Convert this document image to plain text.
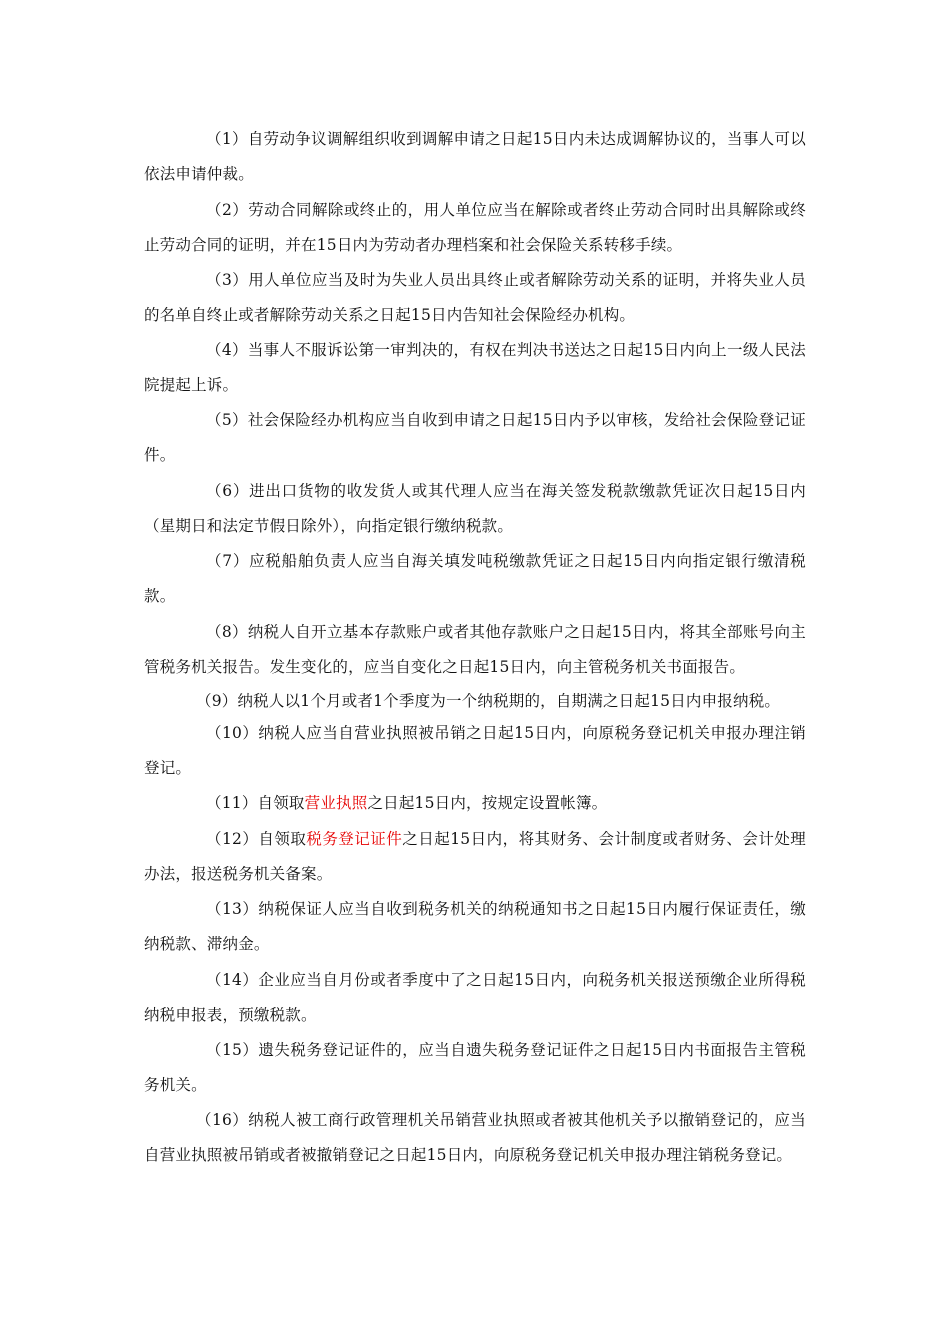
（1）自劳动争议调解组织收到调解申请之日起15日内未达成调解协议的，当事人可以依法申请仲裁。

（2）劳动合同解除或终止的，用人单位应当在解除或者终止劳动合同时出具解除或终止劳动合同的证明，并在15日内为劳动者办理档案和社会保险关系转移手续。

（3）用人单位应当及时为失业人员出具终止或者解除劳动关系的证明，并将失业人员的名单自终止或者解除劳动关系之日起15日内告知社会保险经办机构。

（4）当事人不服诉讼第一审判决的，有权在判决书送达之日起15日内向上一级人民法院提起上诉。

（5）社会保险经办机构应当自收到申请之日起15日内予以审核，发给社会保险登记证件。

（6）进出口货物的收发货人或其代理人应当在海关签发税款缴款凭证次日起15日内（星期日和法定节假日除外），向指定银行缴纳税款。

（7）应税船舶负责人应当自海关填发吨税缴款凭证之日起15日内向指定银行缴清税款。

（8）纳税人自开立基本存款账户或者其他存款账户之日起15日内，将其全部账号向主管税务机关报告。发生变化的，应当自变化之日起15日内，向主管税务机关书面报告。

（9）纳税人以1个月或者1个季度为一个纳税期的，自期满之日起15日内申报纳税。

（10）纳税人应当自营业执照被吊销之日起15日内，向原税务登记机关申报办理注销登记。

（11）自领取营业执照之日起15日内，按规定设置帐簿。

（12）自领取税务登记证件之日起15日内，将其财务、会计制度或者财务、会计处理办法，报送税务机关备案。

（13）纳税保证人应当自收到税务机关的纳税通知书之日起15日内履行保证责任，缴纳税款、滞纳金。

（14）企业应当自月份或者季度中了之日起15日内，向税务机关报送预缴企业所得税纳税申报表，预缴税款。

（15）遗失税务登记证件的，应当自遗失税务登记证件之日起15日内书面报告主管税务机关。

（16）纳税人被工商行政管理机关吊销营业执照或者被其他机关予以撤销登记的，应当自营业执照被吊销或者被撤销登记之日起15日内，向原税务登记机关申报办理注销税务登记。
